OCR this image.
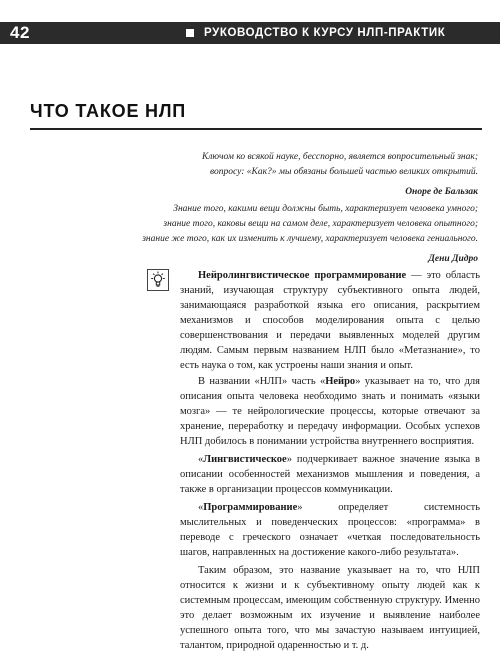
42	РУКОВОДСТВО К КУРСУ НЛП-ПРАКТИК
ЧТО ТАКОЕ НЛП

Ключом ко всякой науке, бесспорно, является вопросительный знак;

вопросу: «Как?» мы обязаны большей частью великих открытий.

Оноре де Бальзак

Знание того, какими вещи должны быть, характеризует человека умного;

знание того, каковы вещи на самом деле, характеризует человека опытного;

знание же того, как их изменить к лучшему, характеризует человека гениального.

Дени Дидро

Нейролингвистическое программирование — это область знаний, изучающая структуру субъективного опыта людей, занимающаяся разработкой языка его описания, раскрытием механизмов и способов моделирования опыта с целью совершенствования и передачи выявленных моделей другим людям. Самым первым названием НЛП было «Метазнание», то есть наука о том, как устроены наши знания и опыт.

В названии «НЛП» часть «Нейро» указывает на то, что для описания опыта человека необходимо знать и понимать «языки мозга» — те нейрологические процессы, которые отвечают за хранение, переработку и передачу информации. Особых успехов НЛП добилось в понимании устройства внутреннего восприятия.

«Лингвистическое» подчеркивает важное значение языка в описании особенностей механизмов мышления и поведения, а также в организации процессов коммуникации.

«Программирование» определяет системность мыслительных и поведенческих процессов: «программа» в переводе с греческого означает «четкая последовательность шагов, направленных на достижение какого-либо результата».

Таким образом, это название указывает на то, что НЛП относится к жизни и к субъективному опыту людей как к системным процессам, имеющим собственную структуру. Именно это делает возможным их изучение и выявление наиболее успешного опыта того, что мы зачастую называем интуицией, талантом, природной одаренностью и т. д.
